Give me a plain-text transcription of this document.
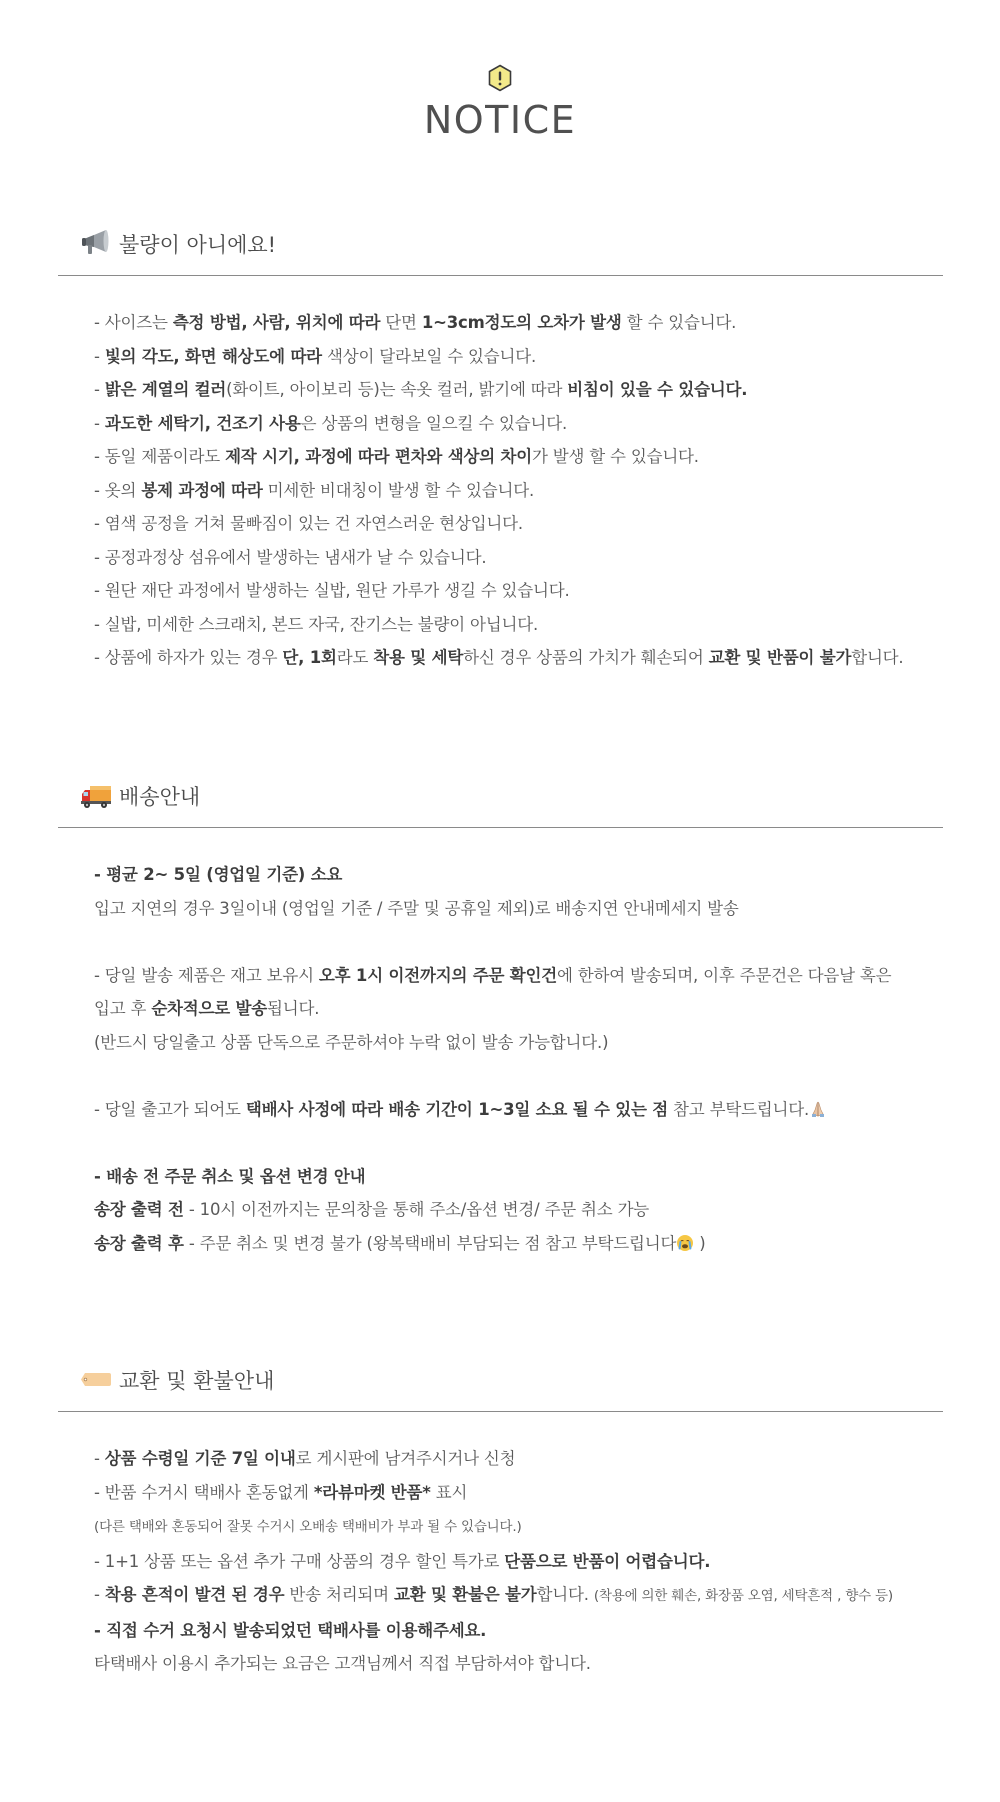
NOTICE
불량이 아니에요!
- 사이즈는 측정 방법, 사람, 위치에 따라 단면 1~3cm정도의 오차가 발생 할 수 있습니다.
- 빛의 각도, 화면 해상도에 따라 색상이 달라보일 수 있습니다.
- 밝은 계열의 컬러(화이트, 아이보리 등)는 속옷 컬러, 밝기에 따라 비침이 있을 수 있습니다.
- 과도한 세탁기, 건조기 사용은 상품의 변형을 일으킬 수 있습니다.
- 동일 제품이라도 제작 시기, 과정에 따라 편차와 색상의 차이가 발생 할 수 있습니다.
- 옷의 봉제 과정에 따라 미세한 비대칭이 발생 할 수 있습니다.
- 염색 공정을 거쳐 물빠짐이 있는 건 자연스러운 현상입니다.
- 공정과정상 섬유에서 발생하는 냄새가 날 수 있습니다.
- 원단 재단 과정에서 발생하는 실밥, 원단 가루가 생길 수 있습니다.
- 실밥, 미세한 스크래치, 본드 자국, 잔기스는 불량이 아닙니다.
- 상품에 하자가 있는 경우 단, 1회라도 착용 및 세탁하신 경우 상품의 가치가 훼손되어 교환 및 반품이 불가합니다.
배송안내
- 평균 2~ 5일 (영업일 기준) 소요
입고 지연의 경우 3일이내 (영업일 기준 / 주말 및 공휴일 제외)로 배송지연 안내메세지 발송
- 당일 발송 제품은 재고 보유시 오후 1시 이전까지의 주문 확인건에 한하여 발송되며, 이후 주문건은 다음날 혹은
입고 후 순차적으로 발송됩니다.
(반드시 당일출고 상품 단독으로 주문하셔야 누락 없이 발송 가능합니다.)
- 당일 출고가 되어도 택배사 사정에 따라 배송 기간이 1~3일 소요 될 수 있는 점 참고 부탁드립니다.
- 배송 전 주문 취소 및 옵션 변경 안내
송장 출력 전 - 10시 이전까지는 문의창을 통해 주소/옵션 변경/ 주문 취소 가능
송장 출력 후 - 주문 취소 및 변경 불가 (왕복택배비 부담되는 점 참고 부탁드립니다 )
교환 및 환불안내
- 상품 수령일 기준 7일 이내로 게시판에 남겨주시거나 신청
- 반품 수거시 택배사 혼동없게 *라뷰마켓 반품* 표시
(다른 택배와 혼동되어 잘못 수거시 오배송 택배비가 부과 될 수 있습니다.)
- 1+1 상품 또는 옵션 추가 구매 상품의 경우 할인 특가로 단품으로 반품이 어렵습니다.
- 착용 흔적이 발견 된 경우 반송 처리되며 교환 및 환불은 불가합니다. (착용에 의한 훼손, 화장품 오염, 세탁흔적 , 향수 등)
- 직접 수거 요청시 발송되었던 택배사를 이용해주세요.
타택배사 이용시 추가되는 요금은 고객님께서 직접 부담하셔야 합니다.
